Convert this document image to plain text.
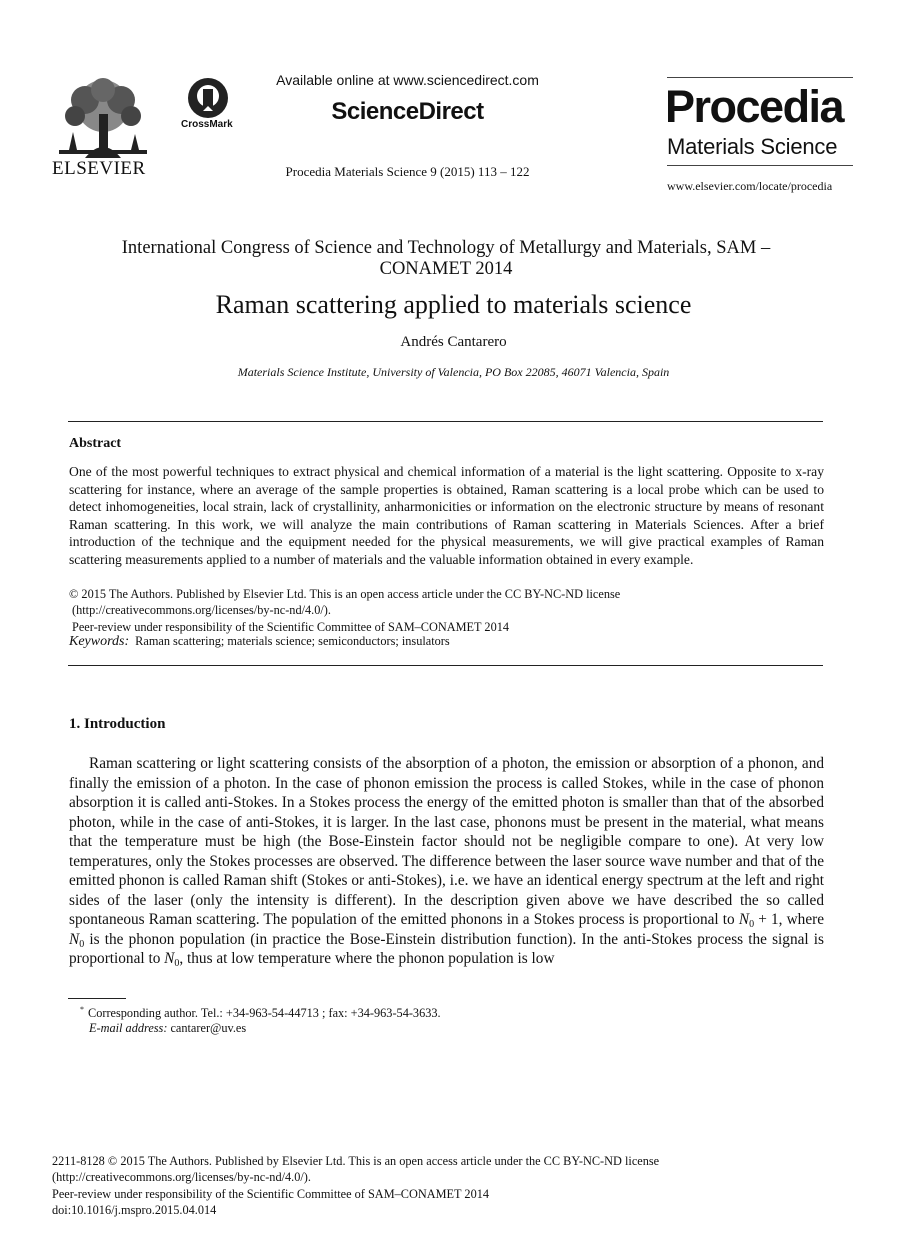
ELSEVIER
CrossMark
Available online at www.sciencedirect.com
ScienceDirect
Procedia Materials Science 9 (2015) 113 – 122
Procedia
Materials Science
www.elsevier.com/locate/procedia
International Congress of Science and Technology of Metallurgy and Materials, SAM – CONAMET 2014
Raman scattering applied to materials science
Andrés Cantarero
Materials Science Institute, University of Valencia, PO Box 22085, 46071 Valencia, Spain
Abstract
One of the most powerful techniques to extract physical and chemical information of a material is the light scattering. Opposite to x-ray scattering for instance, where an average of the sample properties is obtained, Raman scattering is a local probe which can be used to detect inhomogeneities, local strain, lack of crystallinity, anharmonicities or information on the electronic structure by means of resonant Raman scattering. In this work, we will analyze the main contributions of Raman scattering in Materials Sciences. After a brief introduction of the technique and the equipment needed for the physical measurements, we will give practical examples of Raman scattering measurements applied to a number of materials and the valuable information obtained in every example.
© 2015 The Authors. Published by Elsevier Ltd. This is an open access article under the CC BY-NC-ND license
(http://creativecommons.org/licenses/by-nc-nd/4.0/).
Peer-review under responsibility of the Scientific Committee of SAM–CONAMET 2014
Keywords: Raman scattering; materials science; semiconductors; insulators
1. Introduction
Raman scattering or light scattering consists of the absorption of a photon, the emission or absorption of a phonon, and finally the emission of a photon. In the case of phonon emission the process is called Stokes, while in the case of phonon absorption it is called anti-Stokes. In a Stokes process the energy of the emitted photon is smaller than that of the absorbed photon, while in the case of anti-Stokes, it is larger. In the last case, phonons must be present in the material, what means that the temperature must be high (the Bose-Einstein factor should not be negligible compare to one). At very low temperatures, only the Stokes processes are observed. The difference between the laser source wave number and that of the emitted phonon is called Raman shift (Stokes or anti-Stokes), i.e. we have an identical energy spectrum at the left and right sides of the laser (only the intensity is different). In the description given above we have described the so called spontaneous Raman scattering. The population of the emitted phonons in a Stokes process is proportional to $N_0 + 1$, where $N_0$ is the phonon population (in practice the Bose-Einstein distribution function). In the anti-Stokes process the signal is proportional to $N_0$, thus at low temperature where the phonon population is low
* Corresponding author. Tel.: +34-963-54-44713 ; fax: +34-963-54-3633.
E-mail address: cantarer@uv.es
2211-8128 © 2015 The Authors. Published by Elsevier Ltd. This is an open access article under the CC BY-NC-ND license
(http://creativecommons.org/licenses/by-nc-nd/4.0/).
Peer-review under responsibility of the Scientific Committee of SAM–CONAMET 2014
doi:10.1016/j.mspro.2015.04.014
